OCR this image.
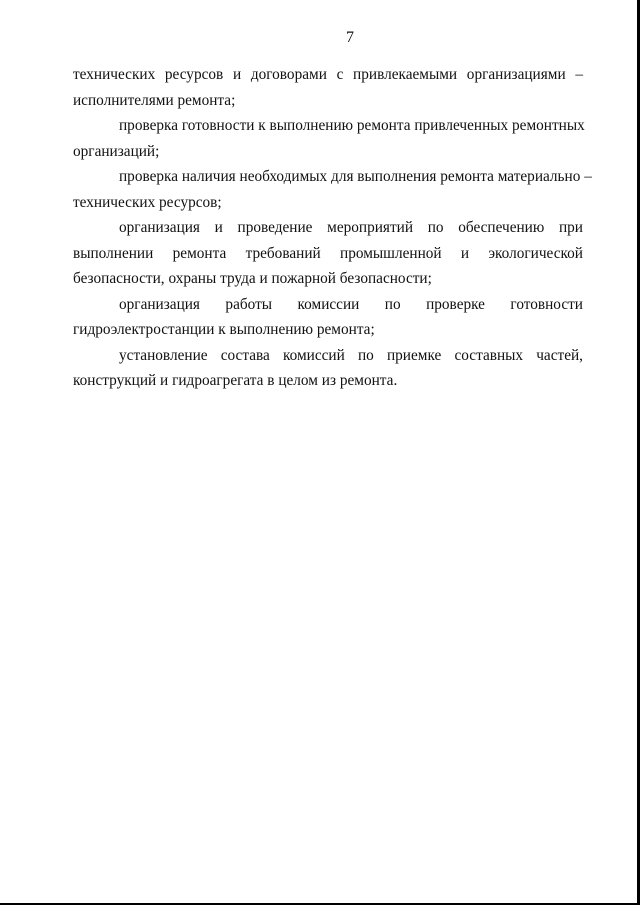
7

технических ресурсов и договорами с привлекаемыми организациями –
исполнителями ремонта;

проверка готовности к выполнению ремонта привлеченных ремонтных
организаций;

проверка наличия необходимых для выполнения ремонта материально –
технических ресурсов;

организация и проведение мероприятий по обеспечению при
выполнении ремонта требований промышленной и экологической
безопасности, охраны труда и пожарной безопасности;

организация работы комиссии по проверке готовности
гидроэлектростанции к выполнению ремонта;

установление состава комиссий по приемке составных частей,
конструкций и гидроагрегата в целом из ремонта.
